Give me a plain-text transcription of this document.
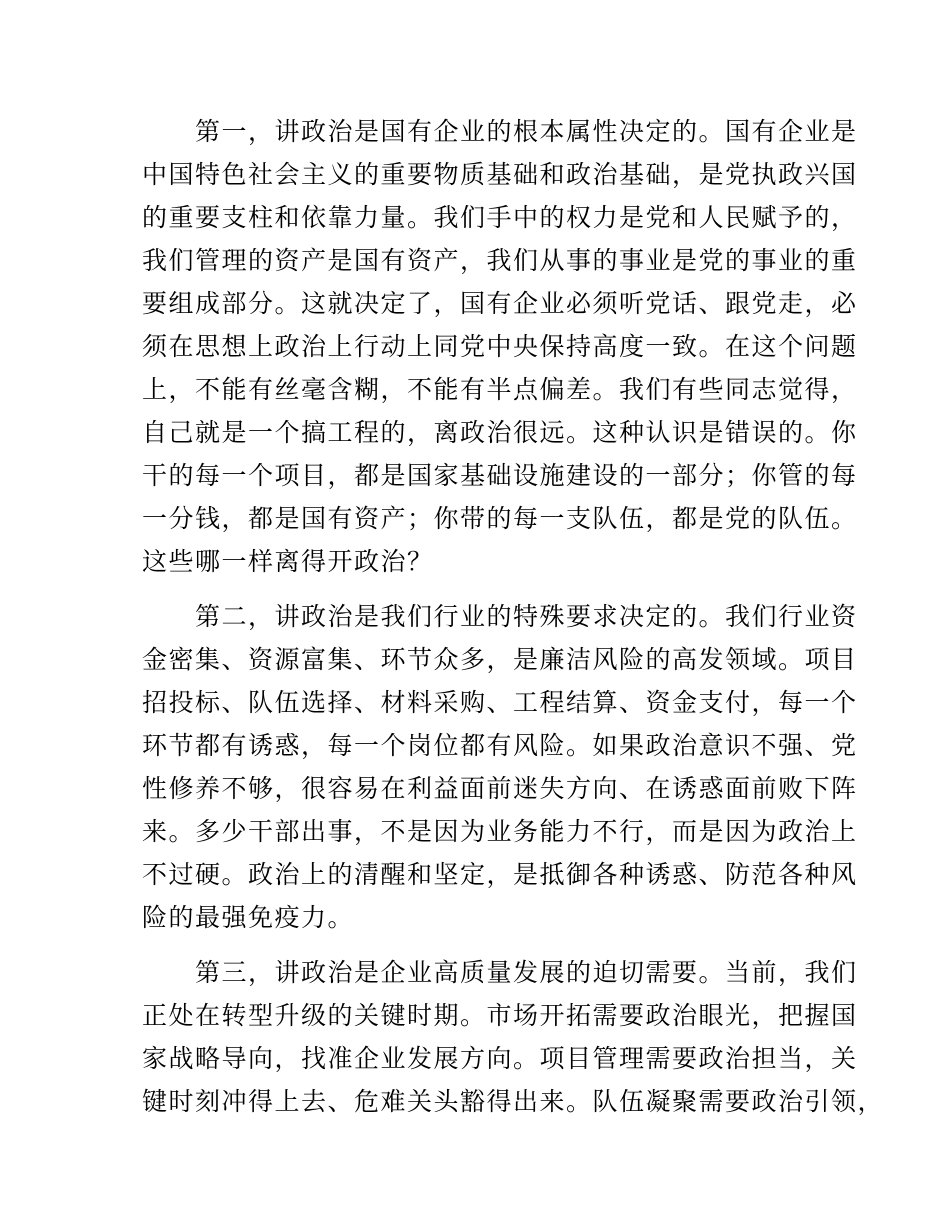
　　第一，讲政治是国有企业的根本属性决定的。国有企业是
中国特色社会主义的重要物质基础和政治基础，是党执政兴国
的重要支柱和依靠力量。我们手中的权力是党和人民赋予的，
我们管理的资产是国有资产，我们从事的事业是党的事业的重
要组成部分。这就决定了，国有企业必须听党话、跟党走，必
须在思想上政治上行动上同党中央保持高度一致。在这个问题
上，不能有丝毫含糊，不能有半点偏差。我们有些同志觉得，
自己就是一个搞工程的，离政治很远。这种认识是错误的。你
干的每一个项目，都是国家基础设施建设的一部分；你管的每
一分钱，都是国有资产；你带的每一支队伍，都是党的队伍。
这些哪一样离得开政治？

　　第二，讲政治是我们行业的特殊要求决定的。我们行业资
金密集、资源富集、环节众多，是廉洁风险的高发领域。项目
招投标、队伍选择、材料采购、工程结算、资金支付，每一个
环节都有诱惑，每一个岗位都有风险。如果政治意识不强、党
性修养不够，很容易在利益面前迷失方向、在诱惑面前败下阵
来。多少干部出事，不是因为业务能力不行，而是因为政治上
不过硬。政治上的清醒和坚定，是抵御各种诱惑、防范各种风
险的最强免疫力。

　　第三，讲政治是企业高质量发展的迫切需要。当前，我们
正处在转型升级的关键时期。市场开拓需要政治眼光，把握国
家战略导向，找准企业发展方向。项目管理需要政治担当，关
键时刻冲得上去、危难关头豁得出来。队伍凝聚需要政治引领，
